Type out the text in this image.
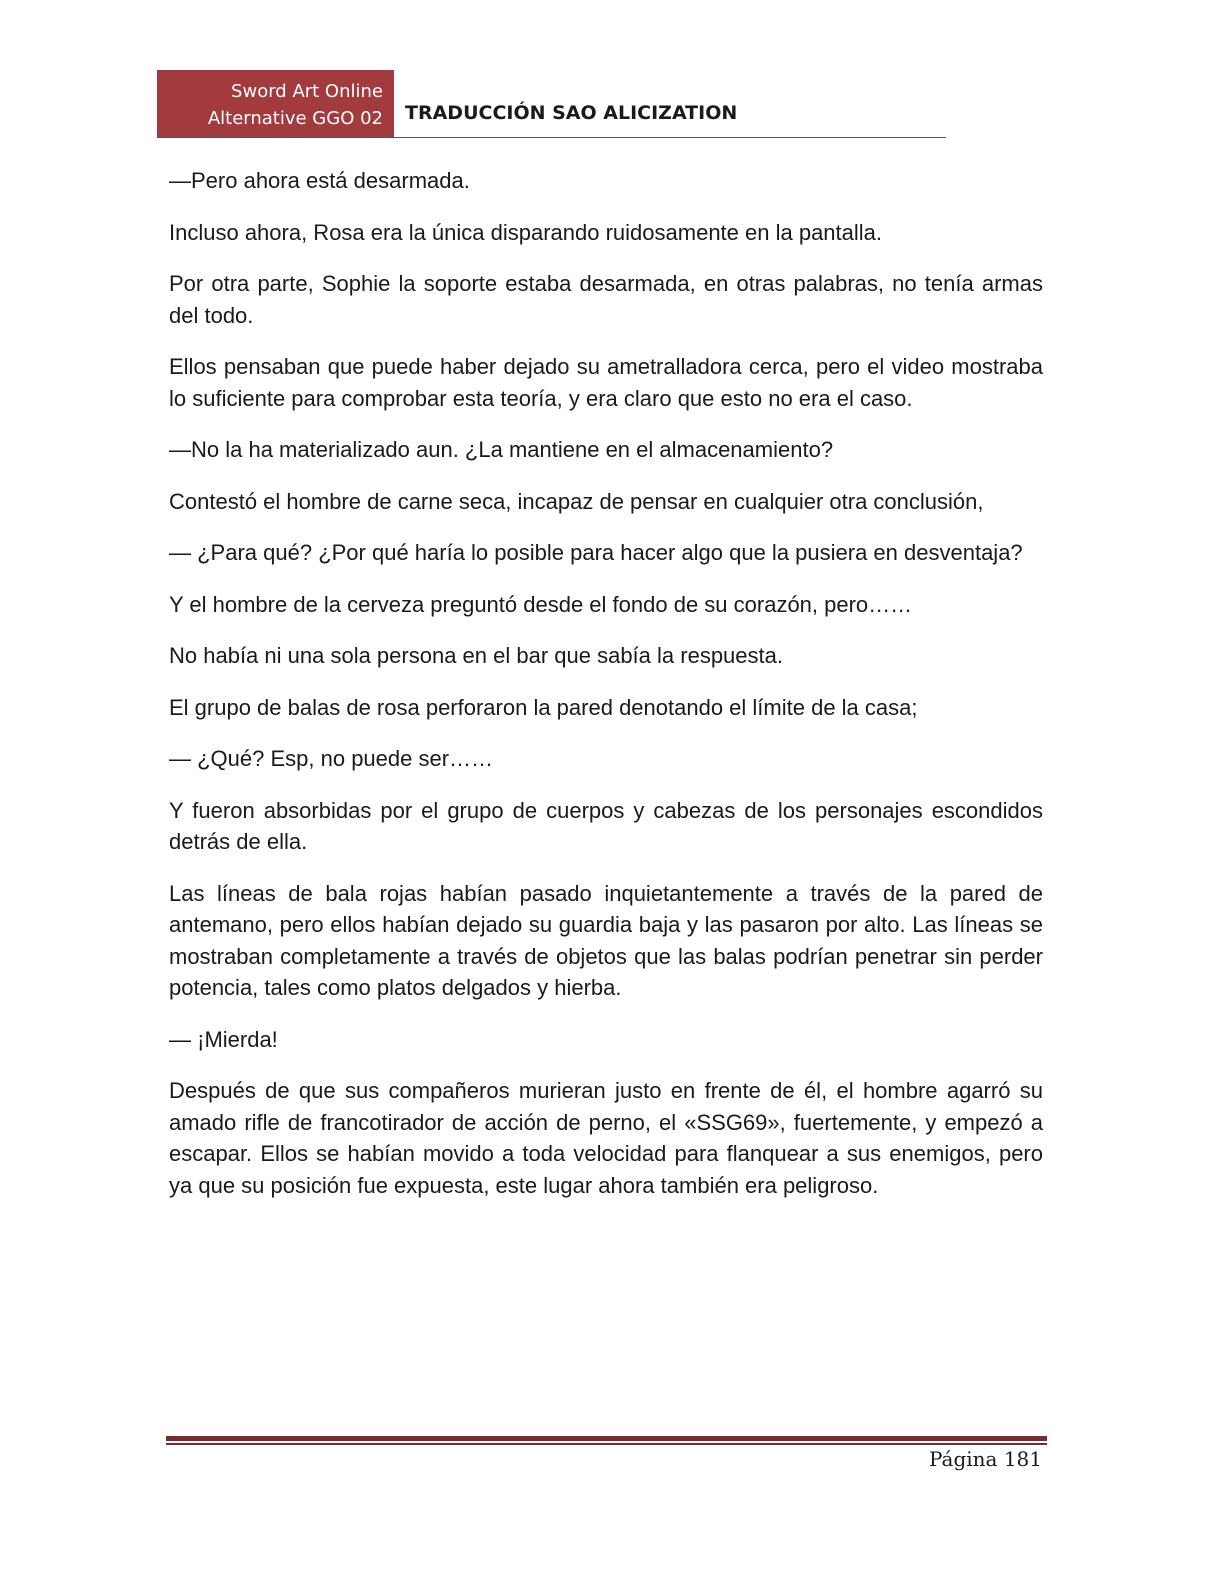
Sword Art Online
Alternative GGO 02 TRADUCCIÓN SAO ALICIZATION

—Pero ahora está desarmada.

Incluso ahora, Rosa era la única disparando ruidosamente en la pantalla.

Por otra parte, Sophie la soporte estaba desarmada, en otras palabras, no tenía armas del todo.

Ellos pensaban que puede haber dejado su ametralladora cerca, pero el video mostraba lo suficiente para comprobar esta teoría, y era claro que esto no era el caso.

—No la ha materializado aun. ¿La mantiene en el almacenamiento?

Contestó el hombre de carne seca, incapaz de pensar en cualquier otra conclusión,

— ¿Para qué? ¿Por qué haría lo posible para hacer algo que la pusiera en desventaja?

Y el hombre de la cerveza preguntó desde el fondo de su corazón, pero……

No había ni una sola persona en el bar que sabía la respuesta.

El grupo de balas de rosa perforaron la pared denotando el límite de la casa;

— ¿Qué? Esp, no puede ser……

Y fueron absorbidas por el grupo de cuerpos y cabezas de los personajes escondidos detrás de ella.

Las líneas de bala rojas habían pasado inquietantemente a través de la pared de antemano, pero ellos habían dejado su guardia baja y las pasaron por alto. Las líneas se mostraban completamente a través de objetos que las balas podrían penetrar sin perder potencia, tales como platos delgados y hierba.

— ¡Mierda!

Después de que sus compañeros murieran justo en frente de él, el hombre agarró su amado rifle de francotirador de acción de perno, el «SSG69», fuertemente, y empezó a escapar. Ellos se habían movido a toda velocidad para flanquear a sus enemigos, pero ya que su posición fue expuesta, este lugar ahora también era peligroso.

Página 181
